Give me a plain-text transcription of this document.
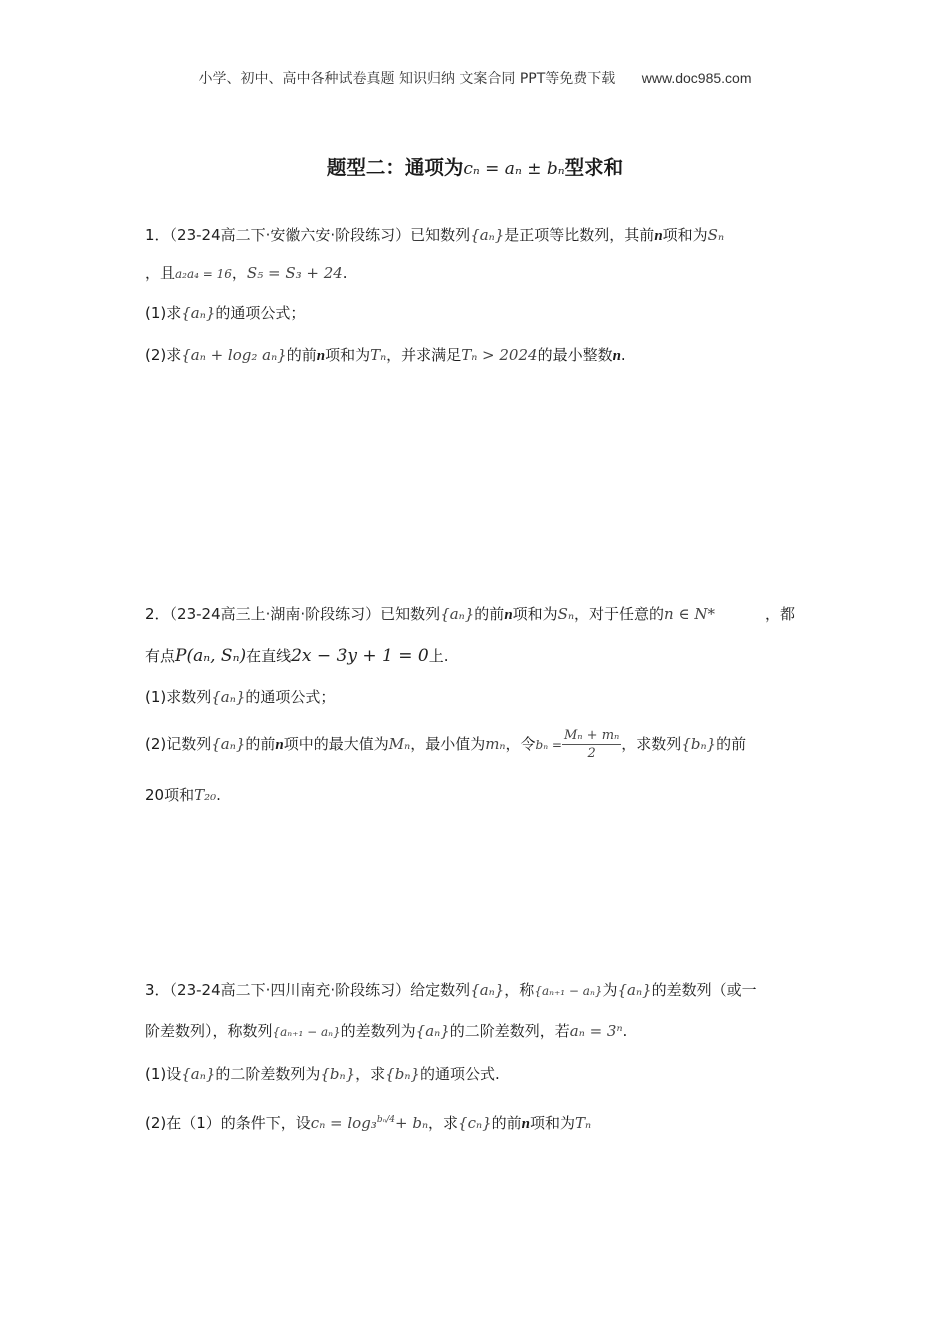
小学、初中、高中各种试卷真题 知识归纳 文案合同 PPT等免费下载 www.doc985.com
题型二：通项为cₙ = aₙ ± bₙ型求和
1．（23-24高二下·安徽六安·阶段练习）已知数列{aₙ}是正项等比数列，其前n项和为Sₙ
，且a₂a₄ = 16，S₅ = S₃ + 24.
(1)求{aₙ}的通项公式；
(2)求{aₙ + log₂ aₙ}的前n项和为Tₙ，并求满足Tₙ > 2024的最小整数n.
2．（23-24高三上·湖南·阶段练习）已知数列{aₙ}的前n项和为Sₙ，对于任意的n ∈ N*	，都
有点P(aₙ, Sₙ)在直线2x − 3y + 1 = 0上.
(1)求数列{aₙ}的通项公式；
(2)记数列{aₙ}的前n项中的最大值为Mₙ，最小值为mₙ，令$b_n = \frac{\text{Mₙ + mₙ}}{2}$ ，求数列{bₙ}的前
20项和T₂₀.
3．（23-24高二下·四川南充·阶段练习）给定数列{aₙ}，称{aₙ₊₁ − aₙ}为{aₙ}的差数列（或一
阶差数列），称数列{aₙ₊₁ − aₙ}的差数列为{aₙ}的二阶差数列，若aₙ = 3ⁿ.
(1)设{aₙ}的二阶差数列为{bₙ}，求{bₙ}的通项公式.
(2)在（1）的条件下，设cₙ = log₃$^{b_n/4}$+ bₙ，求{cₙ}的前n项和为Tₙ
